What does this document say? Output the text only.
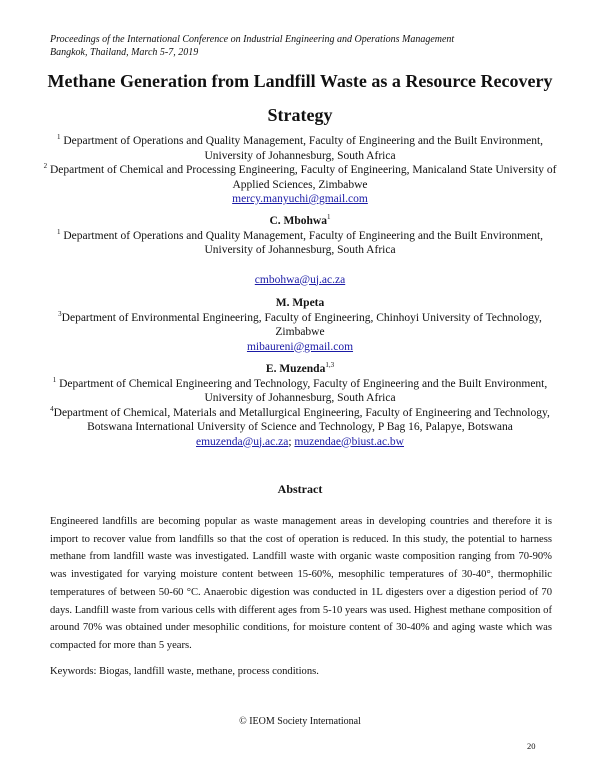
Proceedings of the International Conference on Industrial Engineering and Operations Management
Bangkok, Thailand, March 5-7, 2019
Methane Generation from Landfill Waste as a Resource Recovery Strategy

$^1$ Department of Operations and Quality Management, Faculty of Engineering and the Built Environment, University of Johannesburg, South Africa

$^2$ Department of Chemical and Processing Engineering, Faculty of Engineering, Manicaland State University of Applied Sciences, Zimbabwe

mercy.manyuchi@gmail.com

C. Mbohwa$^1$

$^1$ Department of Operations and Quality Management, Faculty of Engineering and the Built Environment, University of Johannesburg, South Africa

cmbohwa@uj.ac.za

M. Mpeta

$^3$Department of Environmental Engineering, Faculty of Engineering, Chinhoyi University of Technology, Zimbabwe

mibaureni@gmail.com

E. Muzenda$^{1,3}$

$^1$ Department of Chemical Engineering and Technology, Faculty of Engineering and the Built Environment, University of Johannesburg, South Africa

$^4$Department of Chemical, Materials and Metallurgical Engineering, Faculty of Engineering and Technology, Botswana International University of Science and Technology, P Bag 16, Palapye, Botswana

emuzenda@uj.ac.za; muzendae@biust.ac.bw

Abstract

Engineered landfills are becoming popular as waste management areas in developing countries and therefore it is import to recover value from landfills so that the cost of operation is reduced. In this study, the potential to harness methane from landfill waste was investigated. Landfill waste with organic waste composition ranging from 70-90% was investigated for varying moisture content between 15-60%, mesophilic temperatures of 30-40°, thermophilic temperatures of between 50-60 °C. Anaerobic digestion was conducted in 1L digesters over a digestion period of 70 days. Landfill waste from various cells with different ages from 5-10 years was used. Highest methane composition of around 70% was obtained under mesophilic conditions, for moisture content of 30-40% and aging waste which was compacted for more than 5 years.

Keywords: Biogas, landfill waste, methane, process conditions.

© IEOM Society International
20
